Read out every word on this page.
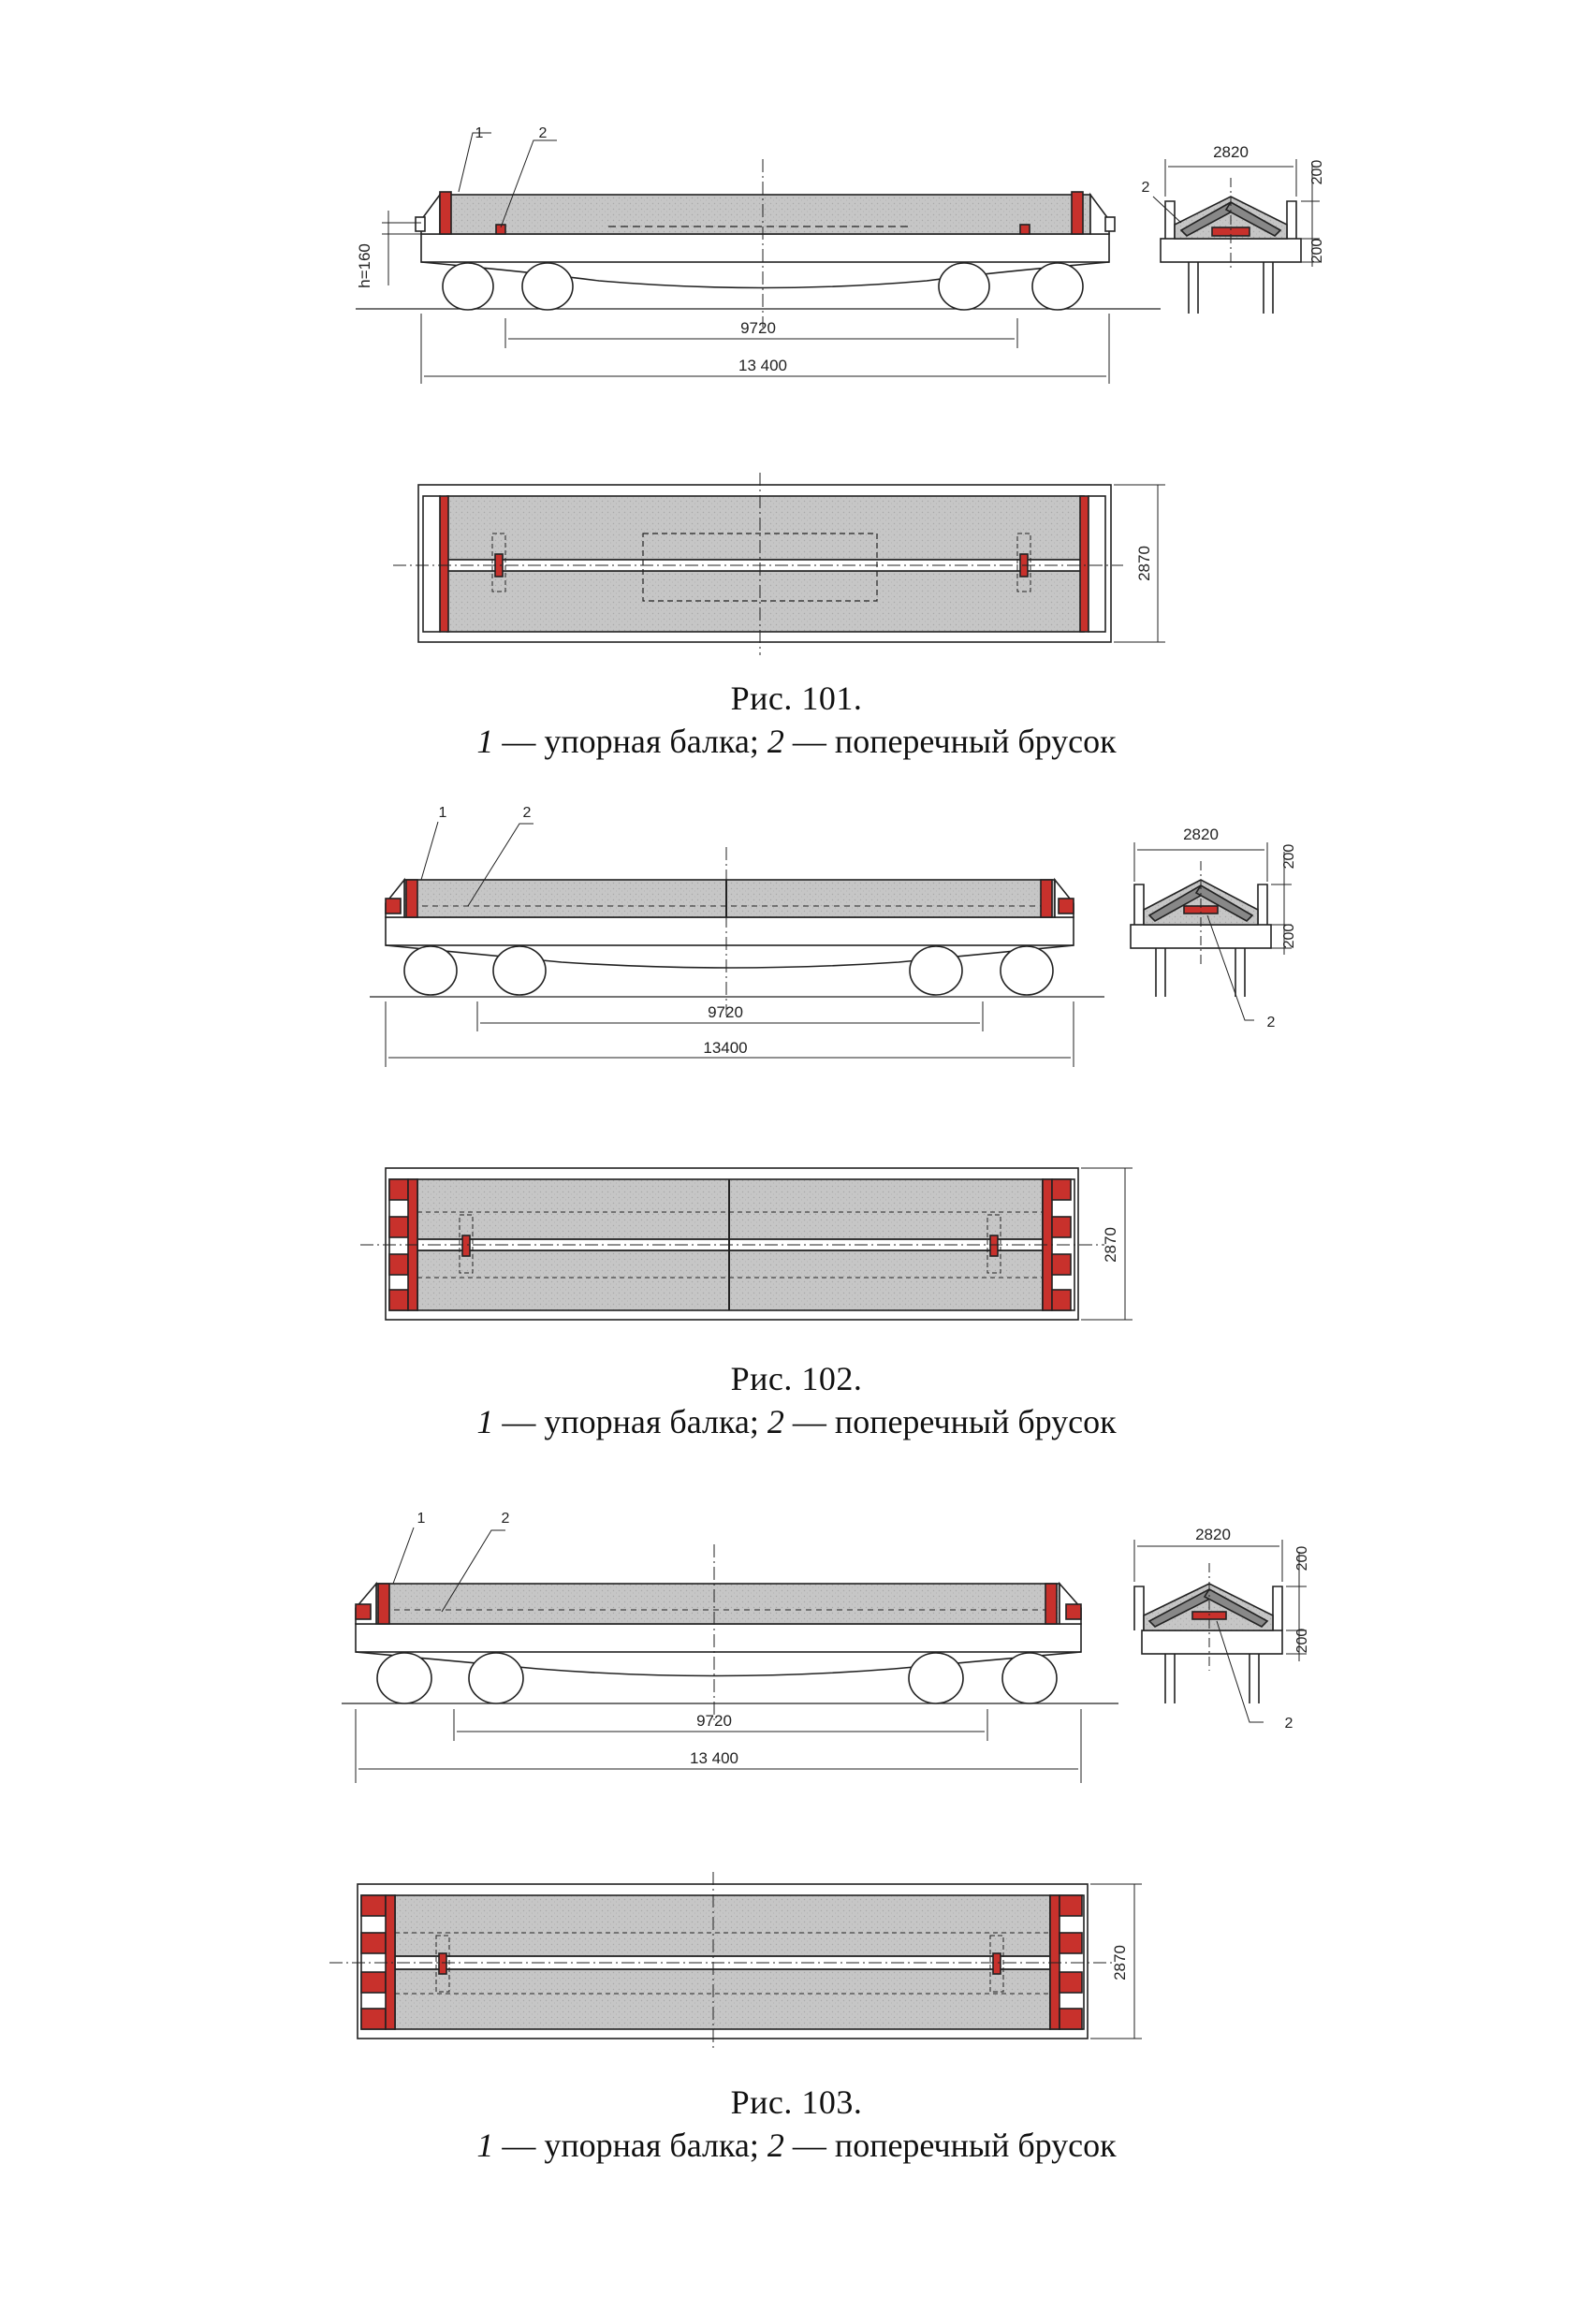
h=160
9720
13 400
1	2
2820
200
200
2
2870
Рис. 101.
1 — упорная балка; 2 — поперечный брусок
9720
13400
1	2
2820
200
200
2
2870
Рис. 102.
1 — упорная балка; 2 — поперечный брусок
9720
13 400
1	2
2820
200
200
2
2870
Рис. 103.
1 — упорная балка; 2 — поперечный брусок
